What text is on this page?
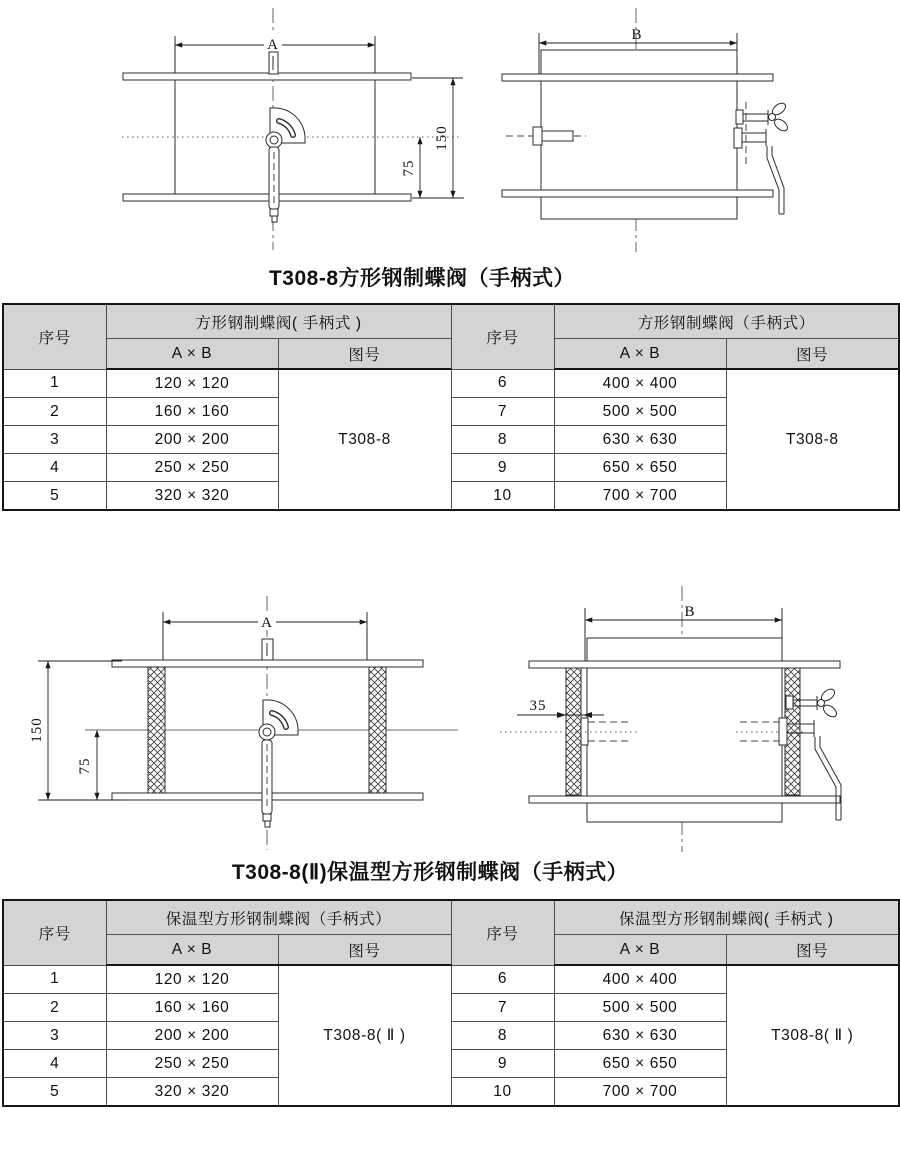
A
150
75
B
A
150
75
35
B
T308-8方形钢制蝶阀（手柄式）
序号	方形钢制蝶阀( 手柄式 )		序号	方形钢制蝶阀（手柄式）	
	A × B	图号		A × B	图号
1	120 × 120	T308-8	6	400 × 400	T308-8
2	160 × 160		7	500 × 500	
3	200 × 200		8	630 × 630	
4	250 × 250		9	650 × 650	
5	320 × 320		10	700 × 700	
T308-8(Ⅱ)保温型方形钢制蝶阀（手柄式）
序号	保温型方形钢制蝶阀（手柄式）		序号	保温型方形钢制蝶阀( 手柄式 )	
	A × B	图号		A × B	图号
1	120 × 120	T308-8( Ⅱ )	6	400 × 400	T308-8( Ⅱ )
2	160 × 160		7	500 × 500	
3	200 × 200		8	630 × 630	
4	250 × 250		9	650 × 650	
5	320 × 320		10	700 × 700	
